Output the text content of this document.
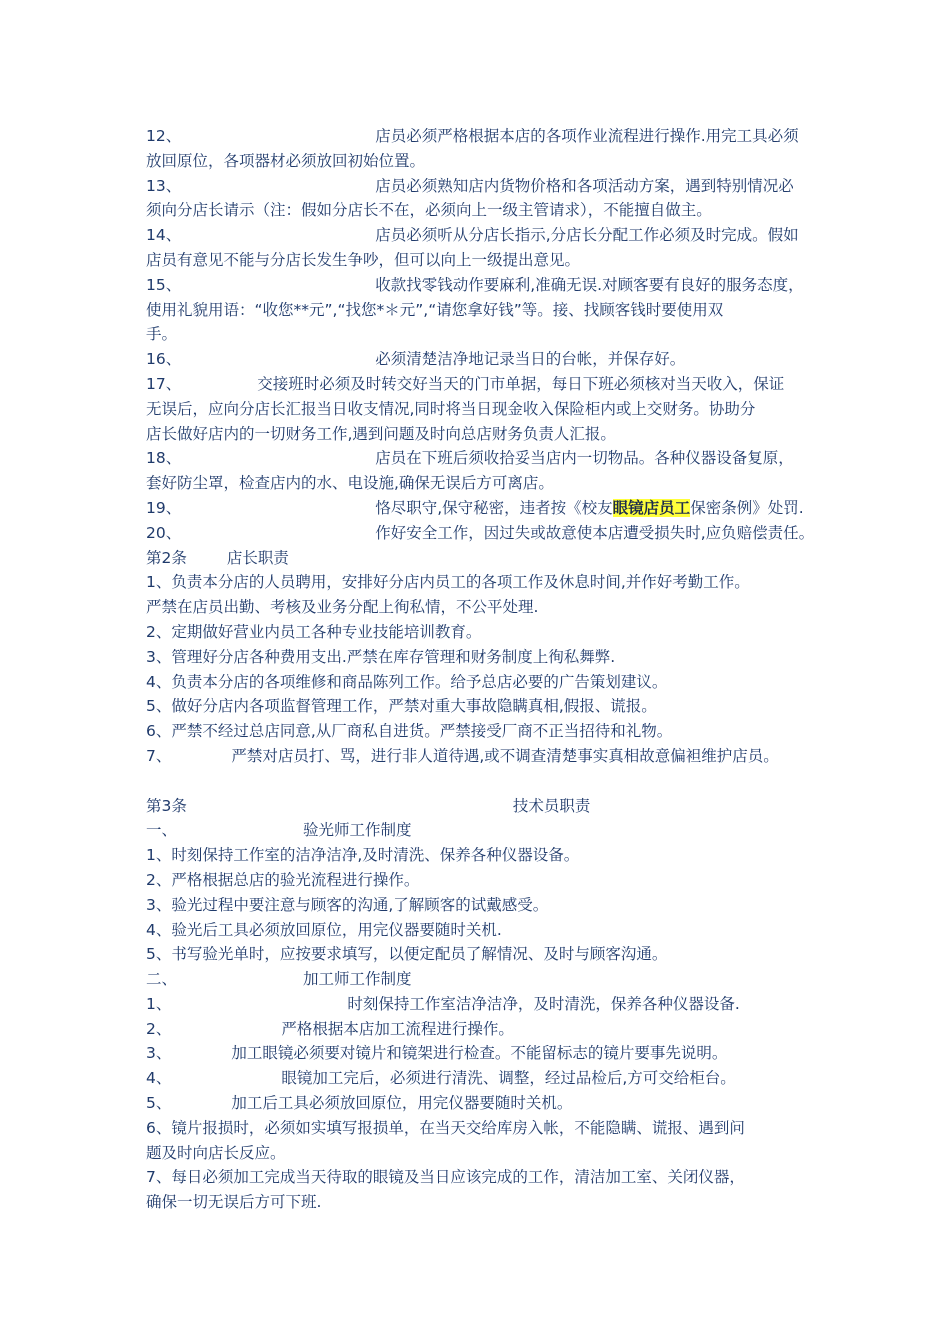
12、	店员必须严格根据本店的各项作业流程进行操作.用完工具必须
放回原位，各项器材必须放回初始位置。
13、	店员必须熟知店内货物价格和各项活动方案，遇到特别情况必
须向分店长请示（注：假如分店长不在，必须向上一级主管请求），不能擅自做主。
14、	店员必须听从分店长指示,分店长分配工作必须及时完成。假如
店员有意见不能与分店长发生争吵，但可以向上一级提出意见。
15、	收款找零钱动作要麻利,准确无误.对顾客要有良好的服务态度，
使用礼貌用语：“收您**元”,“找您*＊元”,“请您拿好钱”等。接、找顾客钱时要使用双
手。
16、	必须清楚洁净地记录当日的台帐，并保存好。
17、	交接班时必须及时转交好当天的门市单据，每日下班必须核对当天收入，保证
无误后，应向分店长汇报当日收支情况,同时将当日现金收入保险柜内或上交财务。协助分
店长做好店内的一切财务工作,遇到问题及时向总店财务负责人汇报。
18、	店员在下班后须收拾妥当店内一切物品。各种仪器设备复原，
套好防尘罩，检查店内的水、电设施,确保无误后方可离店。
19、	恪尽职守,保守秘密，违者按《校友眼镜店员工保密条例》处罚.
20、	作好安全工作，因过失或故意使本店遭受损失时,应负赔偿责任。
第2条	店长职责
1、负责本分店的人员聘用，安排好分店内员工的各项工作及休息时间,并作好考勤工作。
严禁在店员出勤、考核及业务分配上徇私情，不公平处理.
2、定期做好营业内员工各种专业技能培训教育。
3、管理好分店各种费用支出.严禁在库存管理和财务制度上徇私舞弊.
4、负责本分店的各项维修和商品陈列工作。给予总店必要的广告策划建议。
5、做好分店内各项监督管理工作，严禁对重大事故隐瞒真相,假报、谎报。
6、严禁不经过总店同意,从厂商私自进货。严禁接受厂商不正当招待和礼物。
7、	严禁对店员打、骂，进行非人道待遇,或不调查清楚事实真相故意偏袒维护店员。
第3条	技术员职责
一、	验光师工作制度
1、时刻保持工作室的洁净洁净,及时清洗、保养各种仪器设备。
2、严格根据总店的验光流程进行操作。
3、验光过程中要注意与顾客的沟通,了解顾客的试戴感受。
4、验光后工具必须放回原位，用完仪器要随时关机.
5、书写验光单时，应按要求填写，以便定配员了解情况、及时与顾客沟通。
二、	加工师工作制度
1、	时刻保持工作室洁净洁净，及时清洗，保养各种仪器设备.
2、	严格根据本店加工流程进行操作。
3、	加工眼镜必须要对镜片和镜架进行检查。不能留标志的镜片要事先说明。
4、	眼镜加工完后，必须进行清洗、调整，经过品检后,方可交给柜台。
5、	加工后工具必须放回原位，用完仪器要随时关机。
6、镜片报损时，必须如实填写报损单，在当天交给库房入帐，不能隐瞒、谎报、遇到问
题及时向店长反应。
7、每日必须加工完成当天待取的眼镜及当日应该完成的工作，清洁加工室、关闭仪器，
确保一切无误后方可下班.
